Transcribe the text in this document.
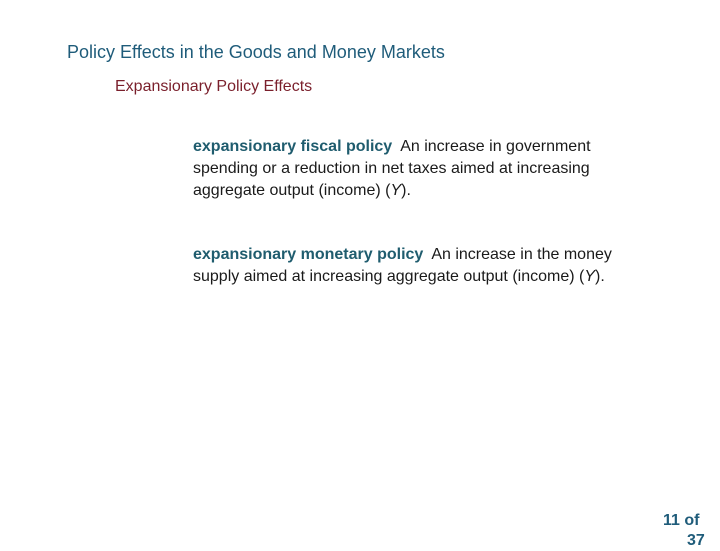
Policy Effects in the Goods and Money Markets
Expansionary Policy Effects
expansionary fiscal policy  An increase in government spending or a reduction in net taxes aimed at increasing aggregate output (income) (Y).
expansionary monetary policy  An increase in the money supply aimed at increasing aggregate output (income) (Y).
11 of
37
